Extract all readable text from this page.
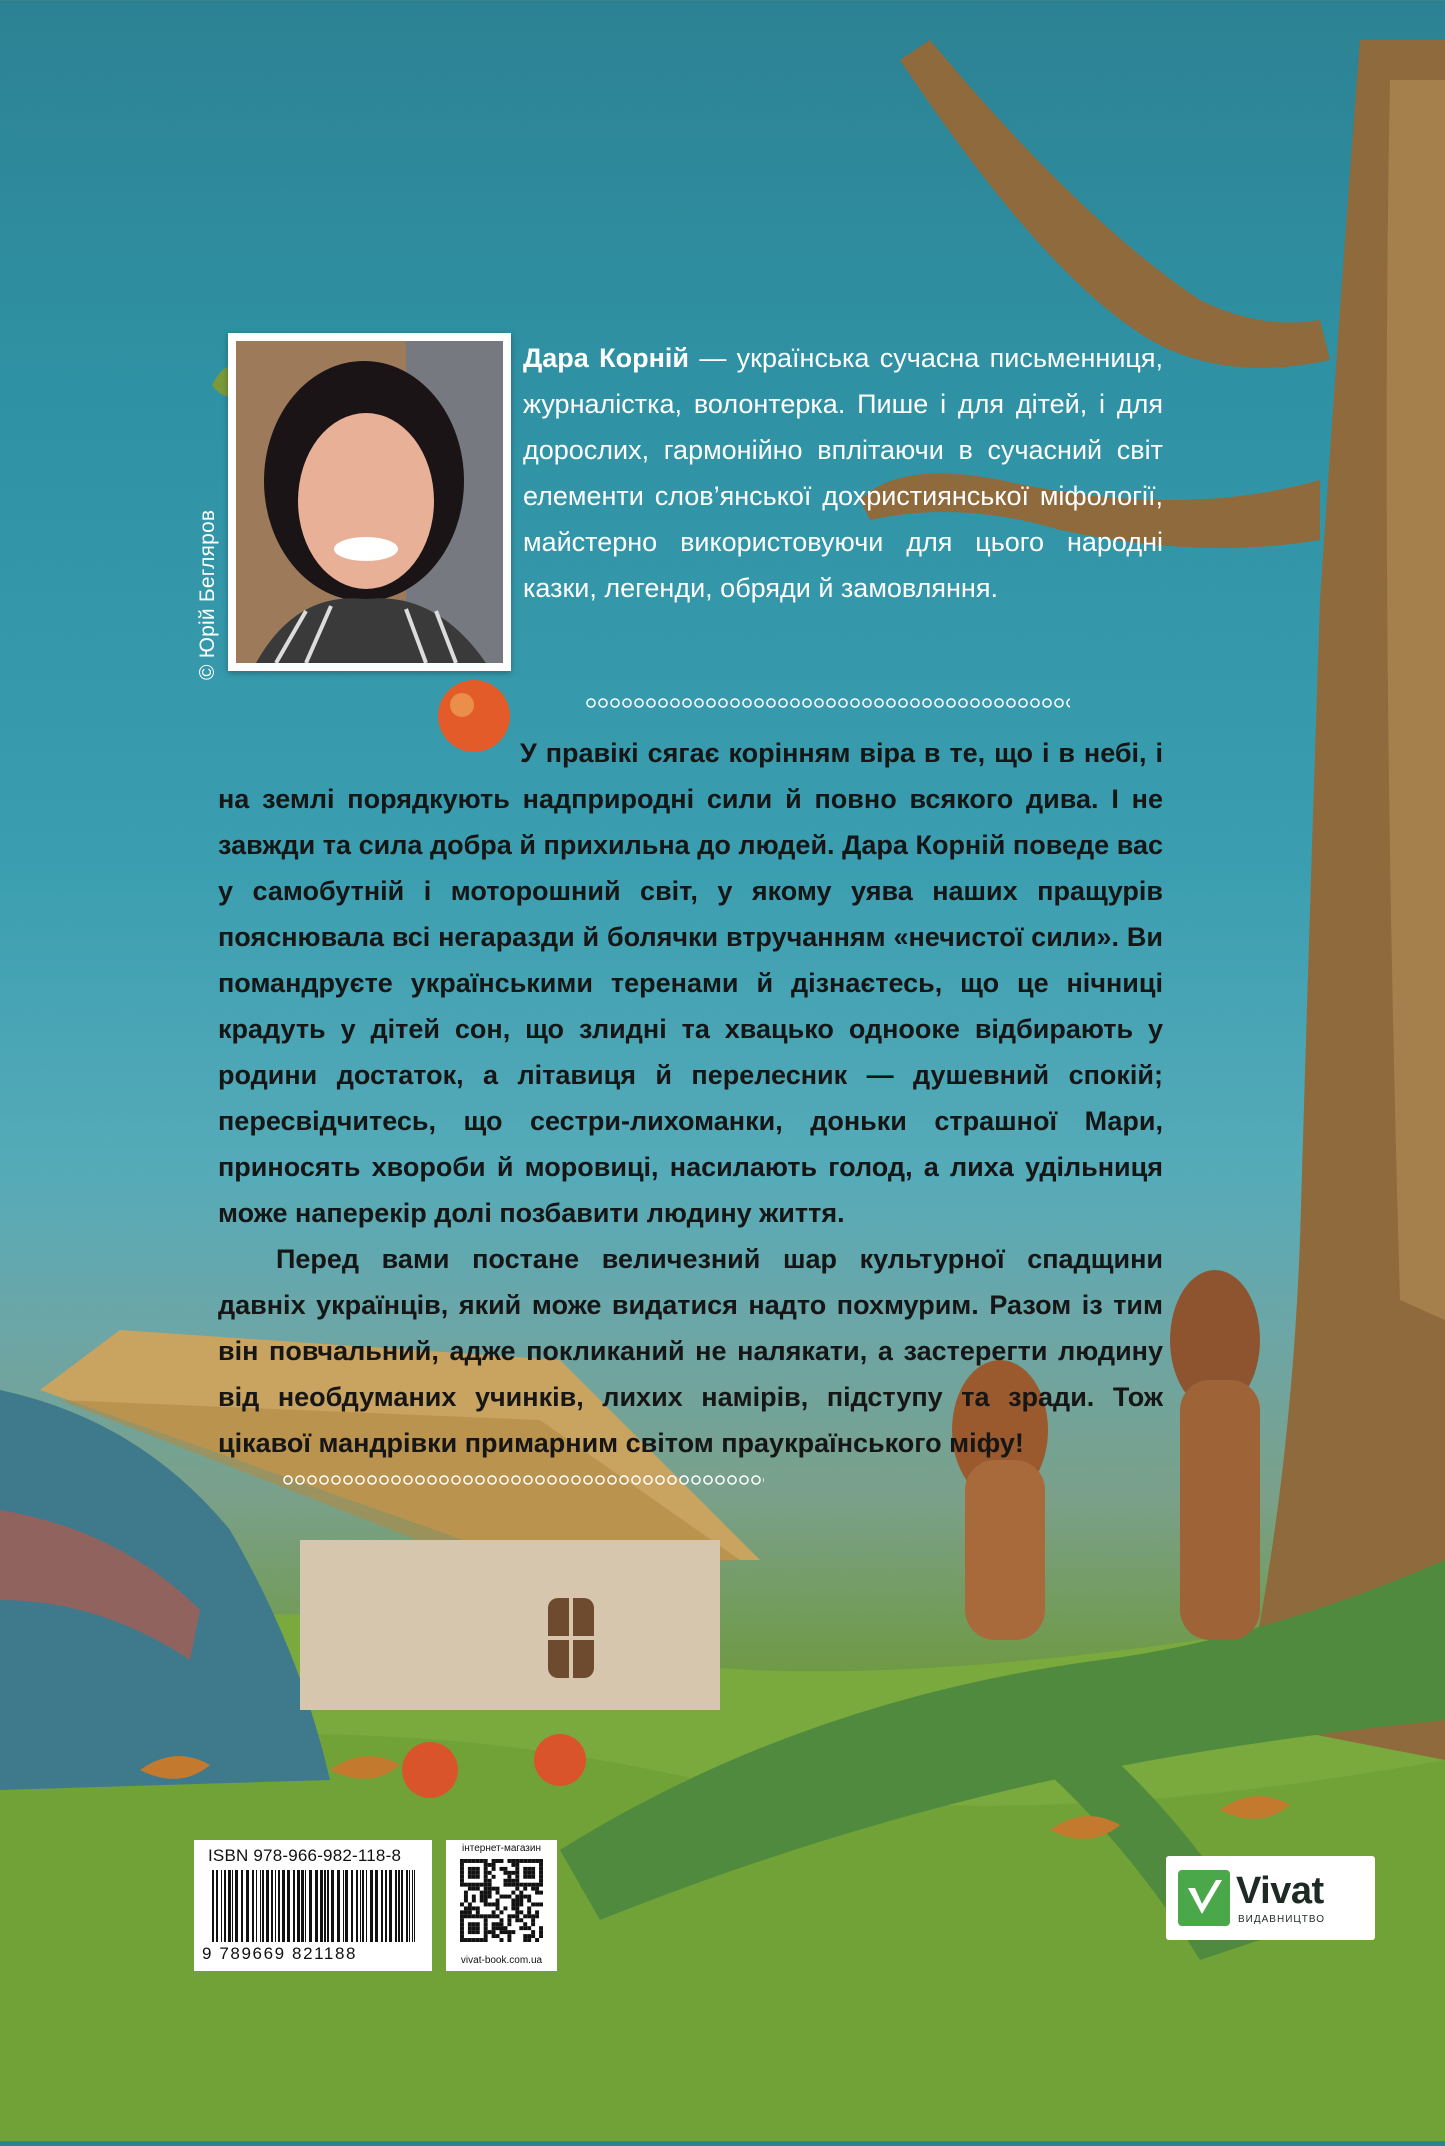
© Юрій Бегляров
Дара Корній — українська сучасна письменниця, журналістка, волонтерка. Пише і для дітей, і для дорослих, гармонійно вплітаючи в сучасний світ елементи слов’янської дохристиянської міфології, майстерно використовуючи для цього народні казки, легенди, обряди й замовляння.

У правікі сягає корінням віра в те, що і в небі, і на землі порядкують надприродні сили й повно всякого дива. І не завжди та сила добра й прихильна до людей. Дара Корній поведе вас у самобутній і моторошний світ, у якому уява наших пращурів пояснювала всі негаразди й болячки втручанням «нечистої сили». Ви помандруєте українськими теренами й дізнаєтесь, що це нічниці крадуть у дітей сон, що злидні та хвацько однооке відбирають у родини достаток, а літавиця й перелесник — душевний спокій; пересвідчитесь, що сестри-лихоманки, доньки страшної Мари, приносять хвороби й моровиці, насилають голод, а лиха удільниця може наперекір долі позбавити людину життя.

Перед вами постане величезний шар культурної спадщини давніх українців, який може видатися надто похмурим. Разом із тим він повчальний, адже покликаний не налякати, а застерегти людину від необдуманих учинків, лихих намірів, підступу та зради. Тож цікавої мандрівки примарним світом праукраїнського міфу!

ISBN 978-966-982-118-8
9 789669 821188
інтернет-магазин
vivat-book.com.ua
Vivat
ВИДАВНИЦТВО
